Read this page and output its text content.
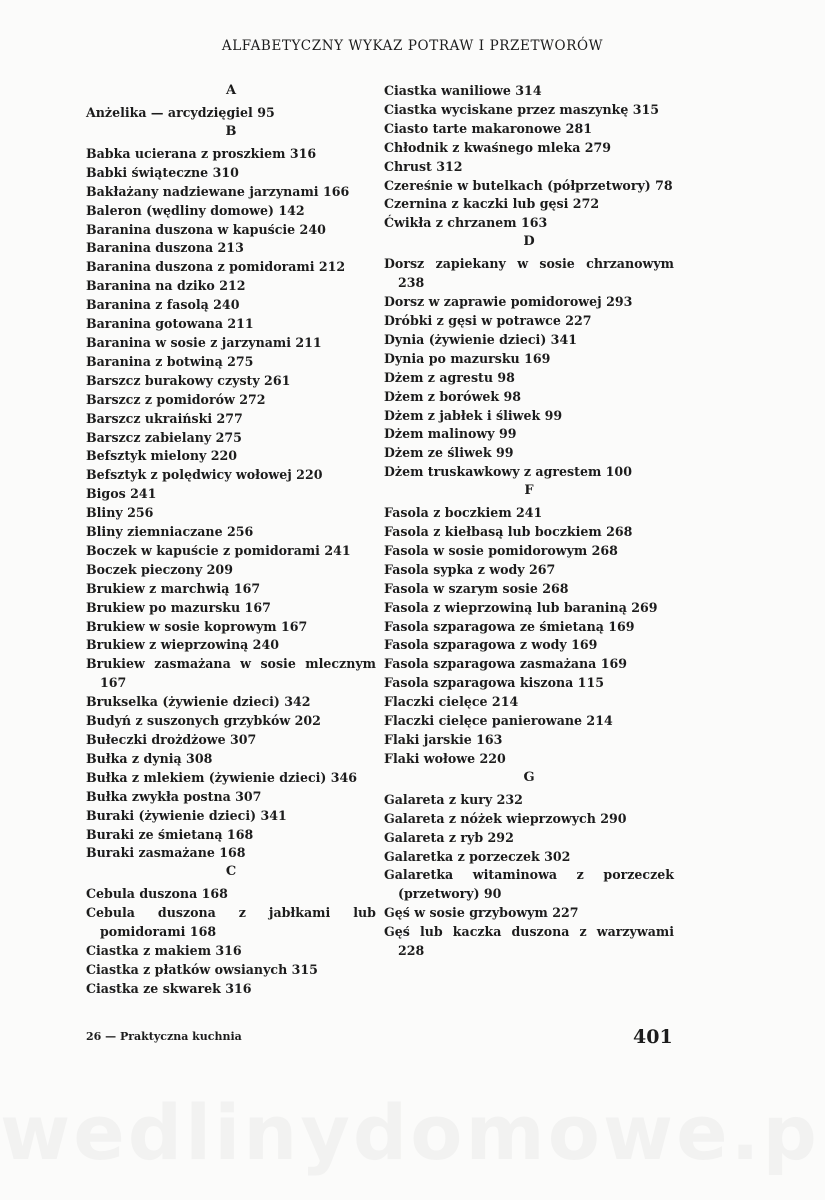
ALFABETYCZNY WYKAZ POTRAW I PRZETWORÓW
A
Anżelika — arcydzięgiel 95
B
Babka ucierana z proszkiem 316
Babki świąteczne 310
Bakłażany nadziewane jarzynami 166
Baleron (wędliny domowe) 142
Baranina duszona w kapuście 240
Baranina duszona 213
Baranina duszona z pomidorami 212
Baranina na dziko 212
Baranina z fasolą 240
Baranina gotowana 211
Baranina w sosie z jarzynami 211
Baranina z botwiną 275
Barszcz burakowy czysty 261
Barszcz z pomidorów 272
Barszcz ukraiński 277
Barszcz zabielany 275
Befsztyk mielony 220
Befsztyk z polędwicy wołowej 220
Bigos 241
Bliny 256
Bliny ziemniaczane 256
Boczek w kapuście z pomidorami 241
Boczek pieczony 209
Brukiew z marchwią 167
Brukiew po mazursku 167
Brukiew w sosie koprowym 167
Brukiew z wieprzowiną 240
Brukiew zasmażana w sosie mlecznym 167
Brukselka (żywienie dzieci) 342
Budyń z suszonych grzybków 202
Bułeczki drożdżowe 307
Bułka z dynią 308
Bułka z mlekiem (żywienie dzieci) 346
Bułka zwykła postna 307
Buraki (żywienie dzieci) 341
Buraki ze śmietaną 168
Buraki zasmażane 168
C
Cebula duszona 168
Cebula duszona z jabłkami lub pomidorami 168
Ciastka z makiem 316
Ciastka z płatków owsianych 315
Ciastka ze skwarek 316
Ciastka waniliowe 314
Ciastka wyciskane przez maszynkę 315
Ciasto tarte makaronowe 281
Chłodnik z kwaśnego mleka 279
Chrust 312
Czereśnie w butelkach (półprzetwory) 78
Czernina z kaczki lub gęsi 272
Ćwikła z chrzanem 163
D
Dorsz zapiekany w sosie chrzanowym 238
Dorsz w zaprawie pomidorowej 293
Dróbki z gęsi w potrawce 227
Dynia (żywienie dzieci) 341
Dynia po mazursku 169
Dżem z agrestu 98
Dżem z borówek 98
Dżem z jabłek i śliwek 99
Dżem malinowy 99
Dżem ze śliwek 99
Dżem truskawkowy z agrestem 100
F
Fasola z boczkiem 241
Fasola z kiełbasą lub boczkiem 268
Fasola w sosie pomidorowym 268
Fasola sypka z wody 267
Fasola w szarym sosie 268
Fasola z wieprzowiną lub baraniną 269
Fasola szparagowa ze śmietaną 169
Fasola szparagowa z wody 169
Fasola szparagowa zasmażana 169
Fasola szparagowa kiszona 115
Flaczki cielęce 214
Flaczki cielęce panierowane 214
Flaki jarskie 163
Flaki wołowe 220
G
Galareta z kury 232
Galareta z nóżek wieprzowych 290
Galareta z ryb 292
Galaretka z porzeczek 302
Galaretka witaminowa z porzeczek (przetwory) 90
Gęś w sosie grzybowym 227
Gęś lub kaczka duszona z warzywami 228
26 — Praktyczna kuchnia	401
